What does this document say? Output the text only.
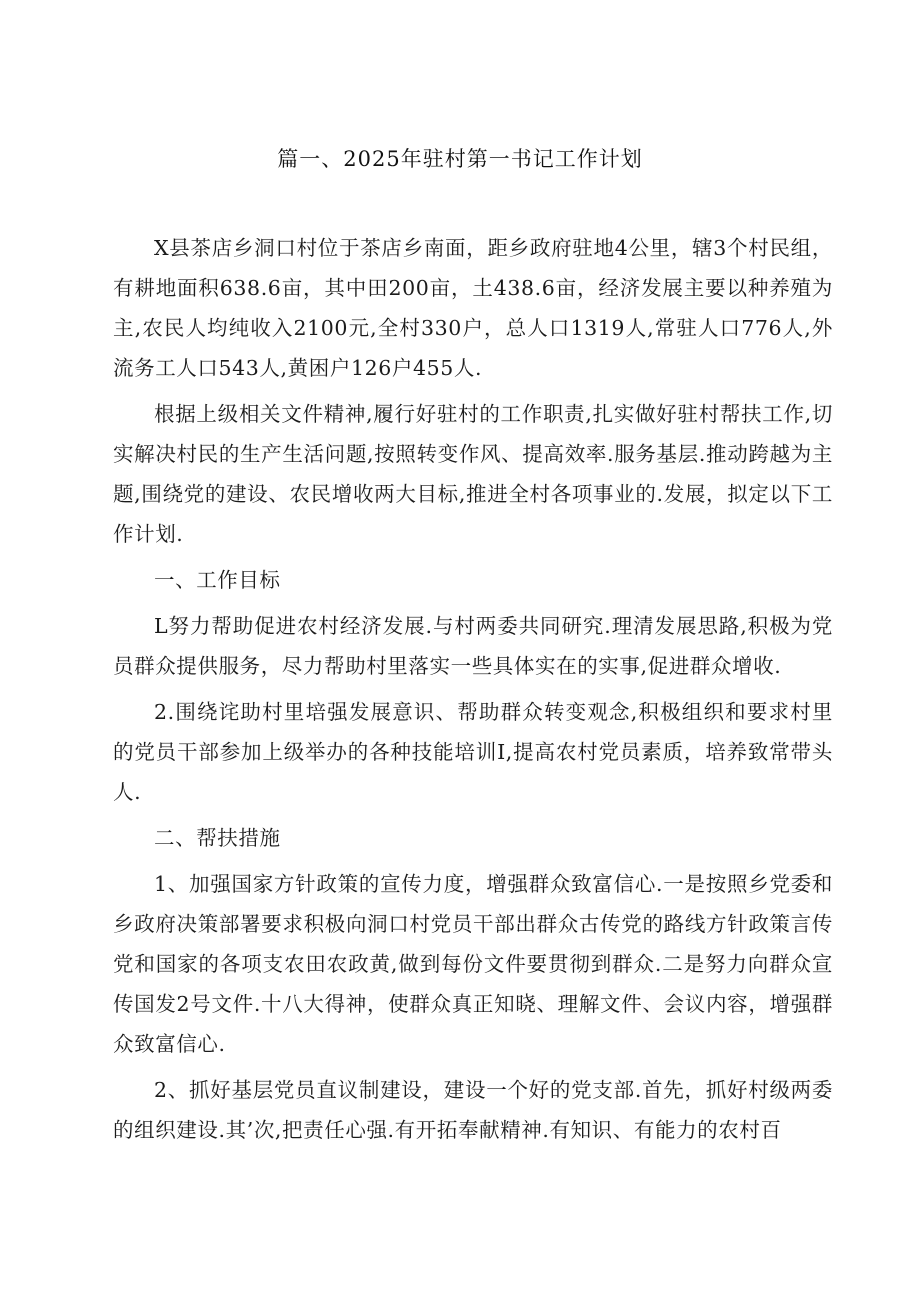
篇一、2025年驻村第一书记工作计划

X县茶店乡洞口村位于茶店乡南面，距乡政府驻地4公里，辖3个村民组，有耕地面积638.6亩，其中田200亩，土438.6亩，经济发展主要以种养殖为主,农民人均纯收入2100元,全村330户，总人口1319人,常驻人口776人,外流务工人口543人,黄困户126户455人.

根据上级相关文件精神,履行好驻村的工作职责,扎实做好驻村帮扶工作,切实解决村民的生产生活问题,按照转变作风、提高效率.服务基层.推动跨越为主题,围绕党的建设、农民增收两大目标,推进全村各项事业的.发展，拟定以下工作计划.

一、工作目标

L努力帮助促进农村经济发展.与村两委共同研究.理清发展思路,积极为党员群众提供服务，尽力帮助村里落实一些具体实在的实事,促进群众增收.

2.围绕诧助村里培强发展意识、帮助群众转变观念,积极组织和要求村里的党员干部参加上级举办的各种技能培训I,提高农村党员素质，培养致常带头人.

二、帮扶措施

1、加强国家方针政策的宣传力度，增强群众致富信心.一是按照乡党委和乡政府决策部署要求积极向洞口村党员干部出群众古传党的路线方针政策言传党和国家的各项支农田农政黄,做到每份文件要贯彻到群众.二是努力向群众宣传国发2号文件.十八大得神，使群众真正知晓、理解文件、会议内容，增强群众致富信心.

2、抓好基层党员直议制建设，建设一个好的党支部.首先，抓好村级两委的组织建设.其’次,把责任心强.有开拓奉献精神.有知识、有能力的农村百
